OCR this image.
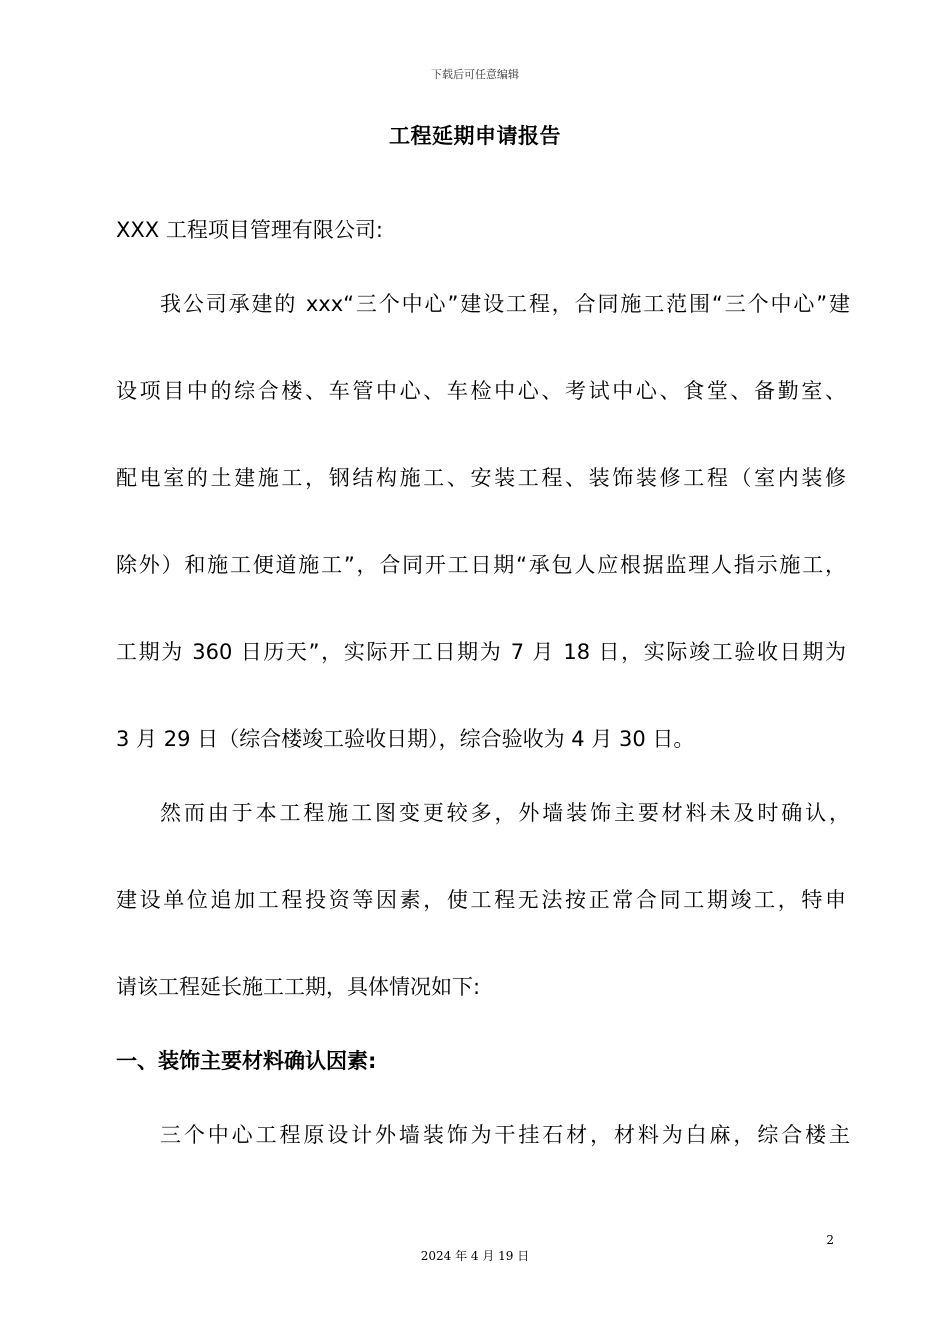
下载后可任意编辑
工程延期申请报告
XXX 工程项目管理有限公司:
我公司承建的 xxx“三个中心”建设工程，合同施工范围“三个中心”建
设项目中的综合楼、车管中心、车检中心、考试中心、食堂、备勤室、
配电室的土建施工，钢结构施工、安装工程、装饰装修工程（室内装修
除外）和施工便道施工”，合同开工日期“承包人应根据监理人指示施工，
工期为 360 日历天”，实际开工日期为 7 月 18 日，实际竣工验收日期为
3 月 29 日（综合楼竣工验收日期），综合验收为 4 月 30 日。
然而由于本工程施工图变更较多，外墙装饰主要材料未及时确认，
建设单位追加工程投资等因素，使工程无法按正常合同工期竣工，特申
请该工程延长施工工期，具体情况如下:
一、装饰主要材料确认因素:
三个中心工程原设计外墙装饰为干挂石材，材料为白麻，综合楼主
2
2024 年 4 月 19 日
